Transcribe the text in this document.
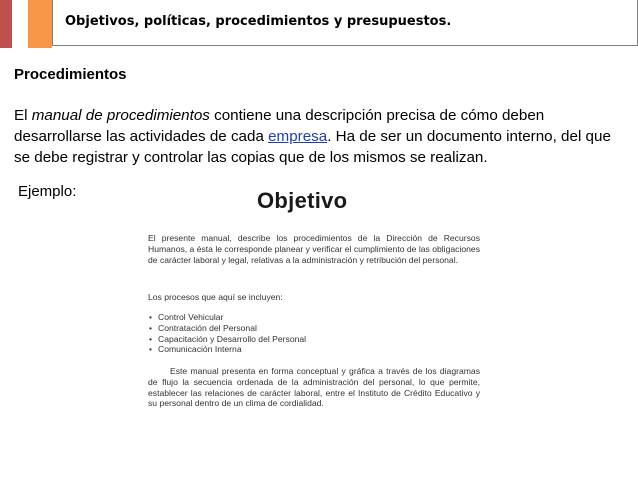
Objetivos, políticas, procedimientos y presupuestos.
Procedimientos
El manual de procedimientos contiene una descripción precisa de cómo deben desarrollarse las actividades de cada empresa. Ha de ser un documento interno, del que se debe registrar y controlar las copias que de los mismos se realizan.
Ejemplo:	Objetivo
El presente manual, describe los procedimientos de la Dirección de Recursos Humanos, a ésta le corresponde planear y verificar el cumplimiento de las obligaciones de carácter laboral y legal, relativas a la administración y retribución del personal.
Los procesos que aquí se incluyen:
• Control Vehicular
• Contratación del Personal
• Capacitación y Desarrollo del Personal
• Comunicación Interna
Este manual presenta en forma conceptual y gráfica a través de los diagramas de flujo la secuencia ordenada de la administración del personal, lo que permite, establecer las relaciones de carácter laboral, entre el Instituto de Crédito Educativo y su personal dentro de un clima de cordialidad.
